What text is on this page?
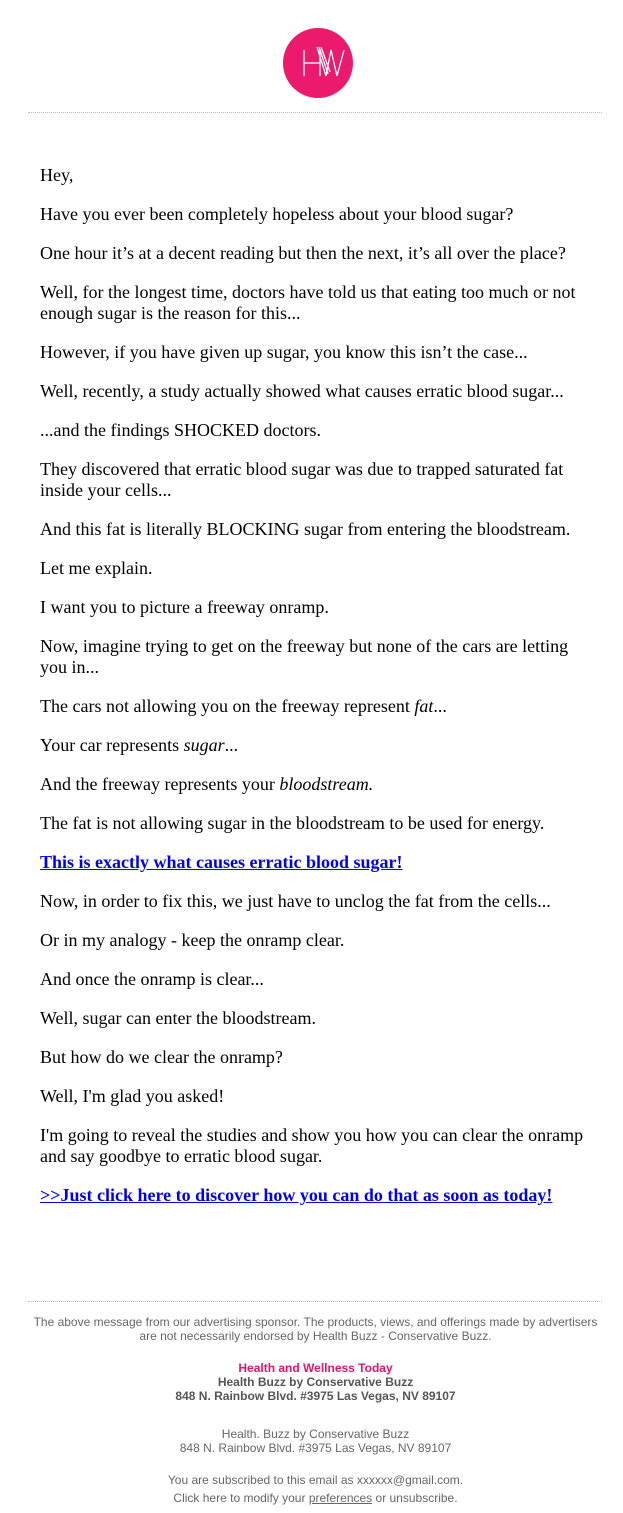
Hey,

Have you ever been completely hopeless about your blood sugar?

One hour it’s at a decent reading but then the next, it’s all over the place?

Well, for the longest time, doctors have told us that eating too much or not enough sugar is the reason for this...

However, if you have given up sugar, you know this isn’t the case...

Well, recently, a study actually showed what causes erratic blood sugar...

...and the findings SHOCKED doctors.

They discovered that erratic blood sugar was due to trapped saturated fat inside your cells...

And this fat is literally BLOCKING sugar from entering the bloodstream.

Let me explain.

I want you to picture a freeway onramp.

Now, imagine trying to get on the freeway but none of the cars are letting you in...

The cars not allowing you on the freeway represent fat...

Your car represents sugar...

And the freeway represents your bloodstream.

The fat is not allowing sugar in the bloodstream to be used for energy.

This is exactly what causes erratic blood sugar!

Now, in order to fix this, we just have to unclog the fat from the cells...

Or in my analogy - keep the onramp clear.

And once the onramp is clear...

Well, sugar can enter the bloodstream.

But how do we clear the onramp?

Well, I'm glad you asked!

I'm going to reveal the studies and show you how you can clear the onramp and say goodbye to erratic blood sugar.

>>Just click here to discover how you can do that as soon as today!

The above message from our advertising sponsor. The products, views, and offerings made by advertisers are not necessarily endorsed by Health Buzz - Conservative Buzz.

Health and Wellness Today

Health Buzz by Conservative Buzz

848 N. Rainbow Blvd. #3975 Las Vegas, NV 89107

Health. Buzz by Conservative Buzz

848 N. Rainbow Blvd. #3975 Las Vegas, NV 89107

You are subscribed to this email as xxxxxx@gmail.com.

Click here to modify your preferences or unsubscribe.
